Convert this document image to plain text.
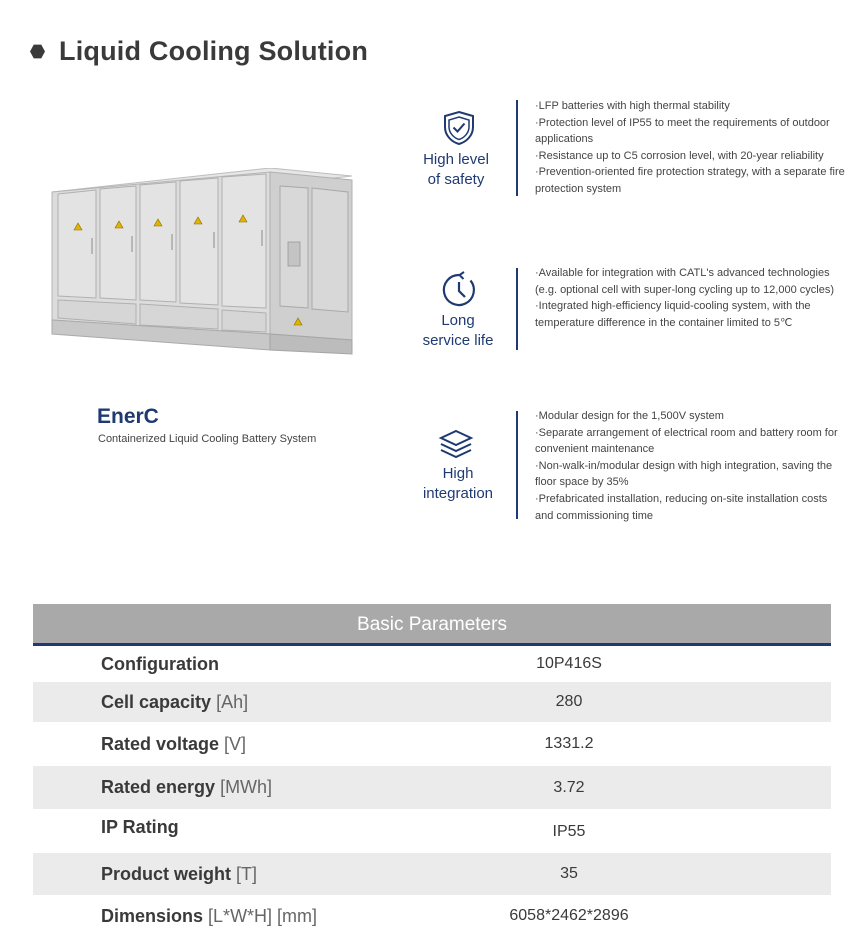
Liquid Cooling Solution
EnerC
Containerized Liquid Cooling Battery System
High level
of safety
·LFP batteries with high thermal stability
·Protection level of IP55 to meet the requirements of outdoor applications
·Resistance up to C5 corrosion level, with 20-year reliability
·Prevention-oriented fire protection strategy, with a separate fire protection system
Long
service life
·Available for integration with CATL's advanced technologies (e.g. optional cell with super-long cycling up to 12,000 cycles)
·Integrated high-efficiency liquid-cooling system, with the temperature difference in the container limited to 5℃
High
integration
·Modular design for the 1,500V system
·Separate arrangement of electrical room and battery room for convenient maintenance
·Non-walk-in/modular design with high integration, saving the floor space by 35%
·Prefabricated installation, reducing on-site installation costs and commissioning time
Basic Parameters
Configuration	10P416S
Cell capacity [Ah]	280
Rated voltage [V]	1331.2
Rated energy [MWh]	3.72
IP Rating	IP55
Product weight [T]	35
Dimensions [L*W*H] [mm]	6058*2462*2896
